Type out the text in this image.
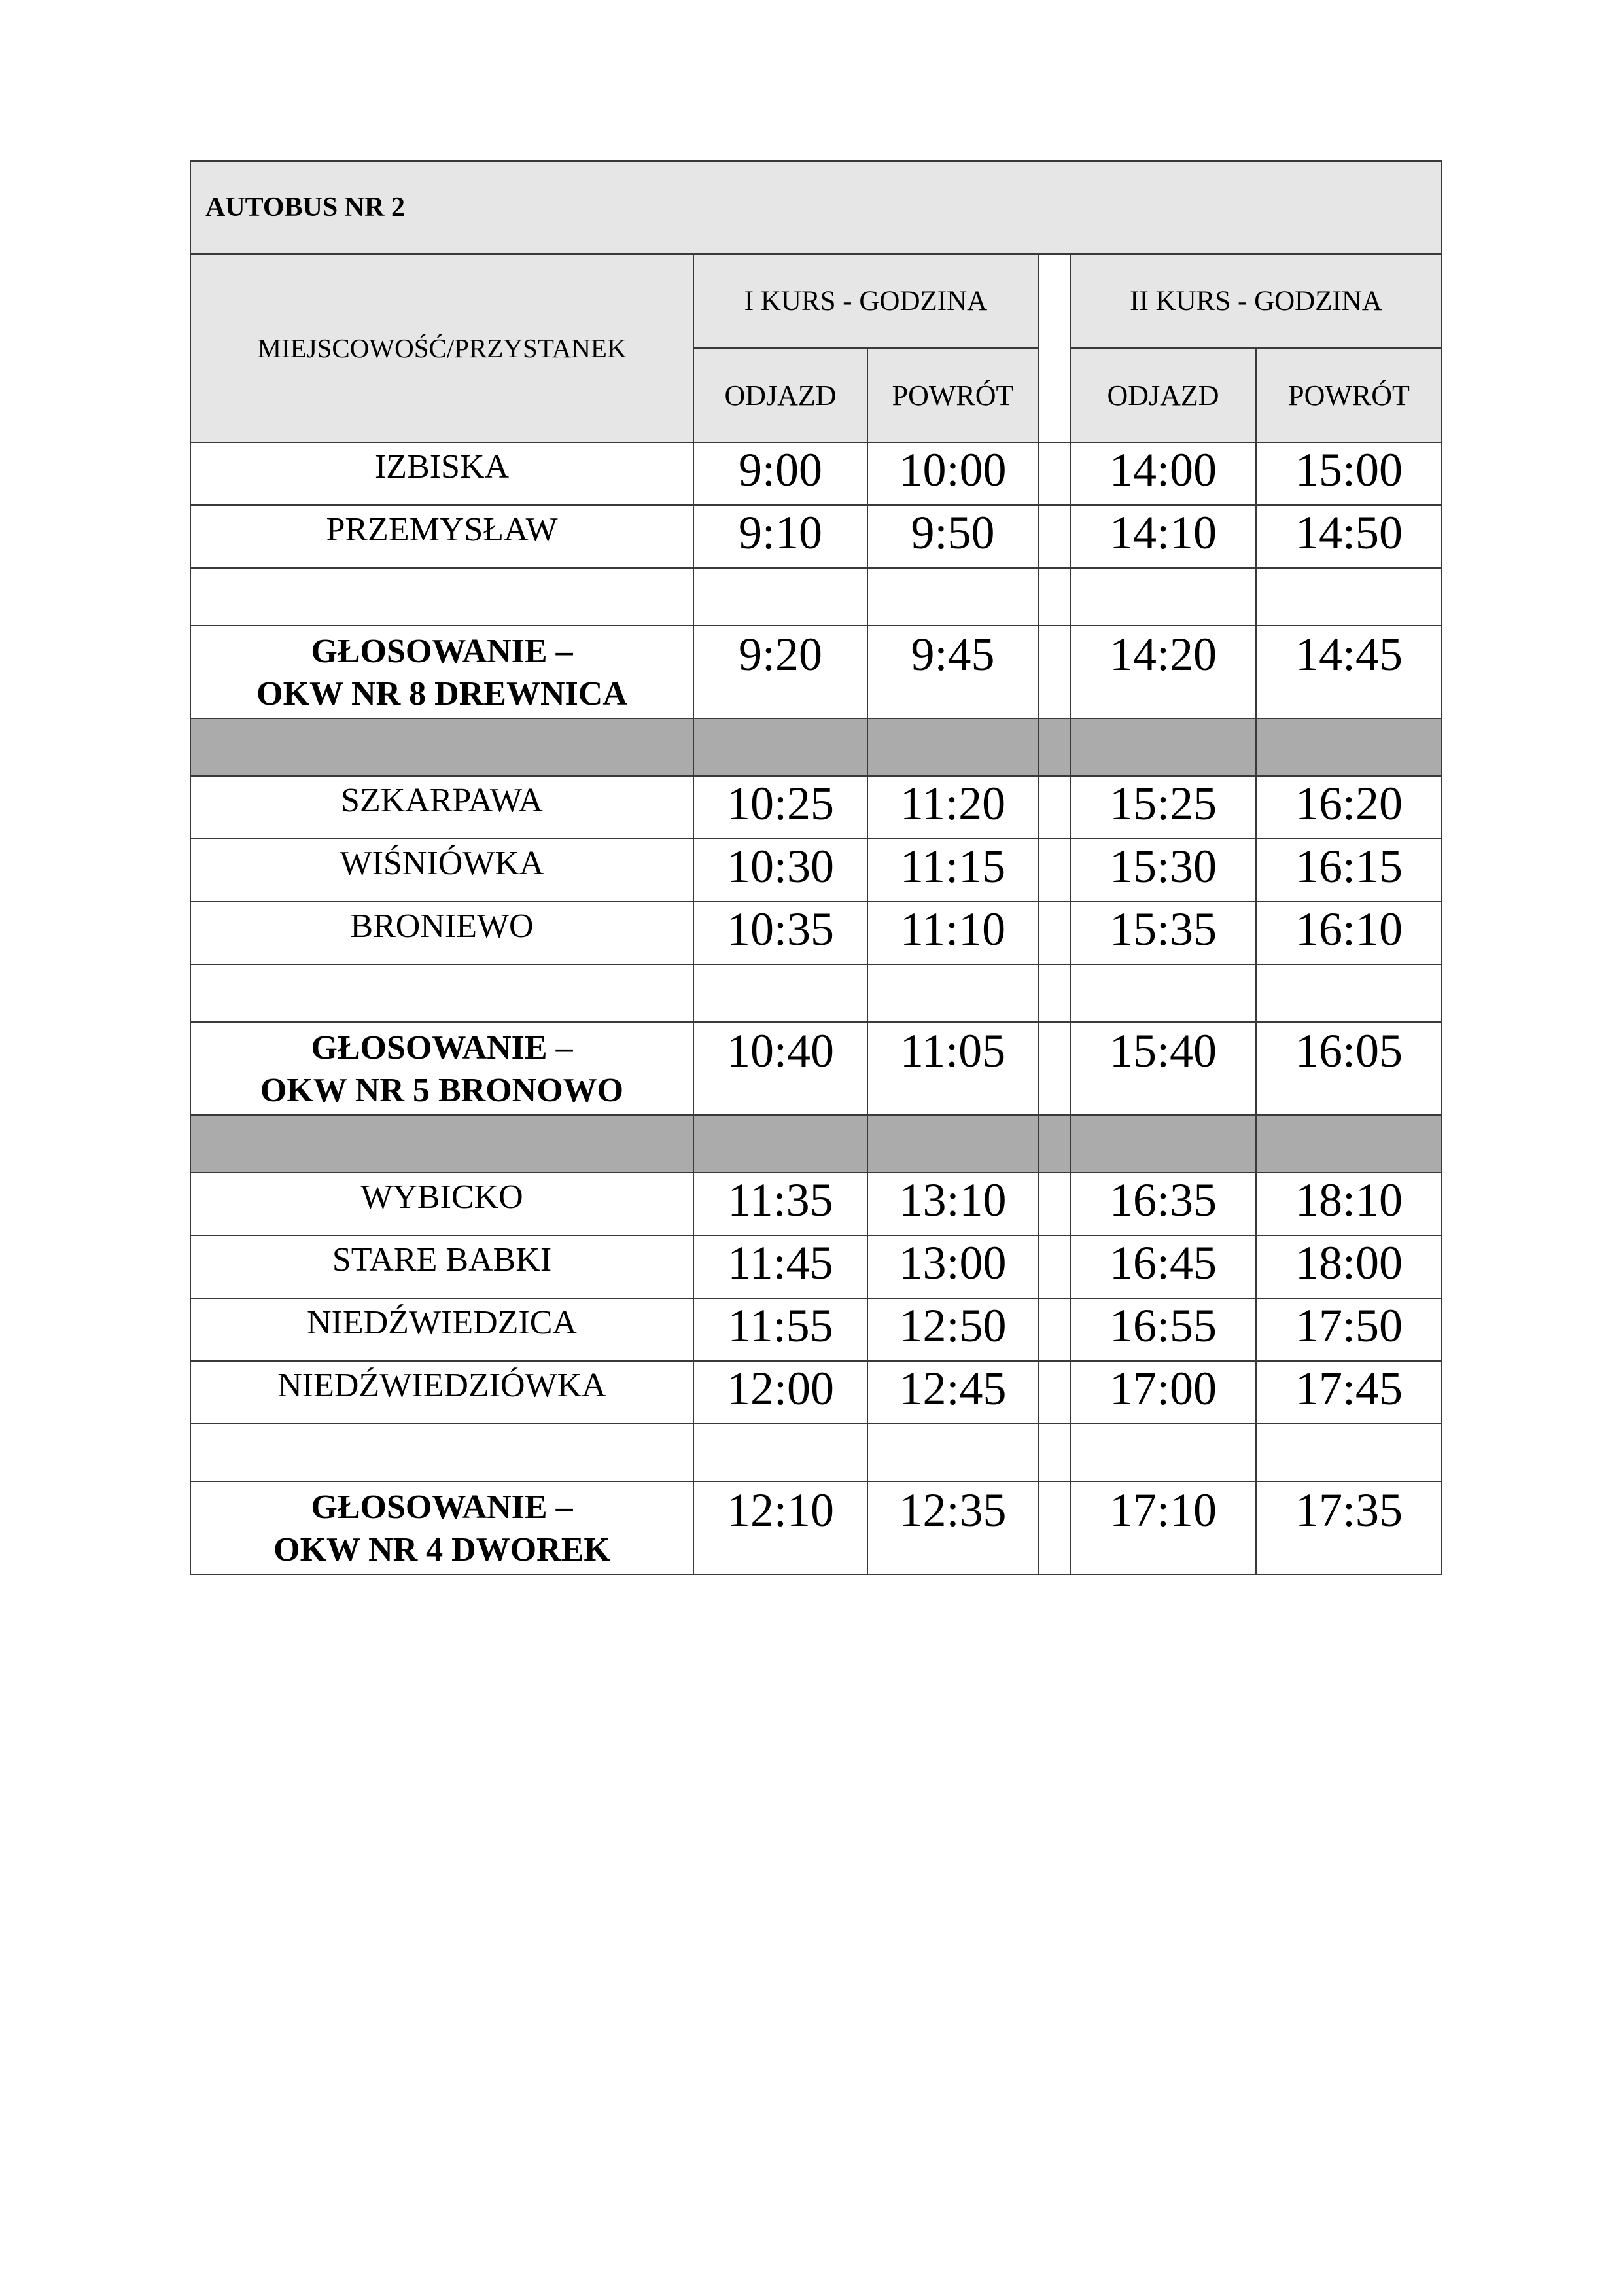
AUTOBUS NR 2					
MIEJSCOWOŚĆ/PRZYSTANEK	I KURS - GODZINA			II KURS - GODZINA	
	ODJAZD	POWRÓT		ODJAZD	POWRÓT
IZBISKA	9:00	10:00		14:00	15:00
PRZEMYSŁAW	9:10	9:50		14:10	14:50

GŁOSOWANIE –
OKW NR 8 DREWNICA	9:20	9:45		14:20	14:45

SZKARPAWA	10:25	11:20		15:25	16:20
WIŚNIÓWKA	10:30	11:15		15:30	16:15
BRONIEWO	10:35	11:10		15:35	16:10

GŁOSOWANIE –
OKW NR 5 BRONOWO	10:40	11:05		15:40	16:05

WYBICKO	11:35	13:10		16:35	18:10
STARE BABKI	11:45	13:00		16:45	18:00
NIEDŹWIEDZICA	11:55	12:50		16:55	17:50
NIEDŹWIEDZIÓWKA	12:00	12:45		17:00	17:45

GŁOSOWANIE –
OKW NR 4 DWOREK	12:10	12:35		17:10	17:35
